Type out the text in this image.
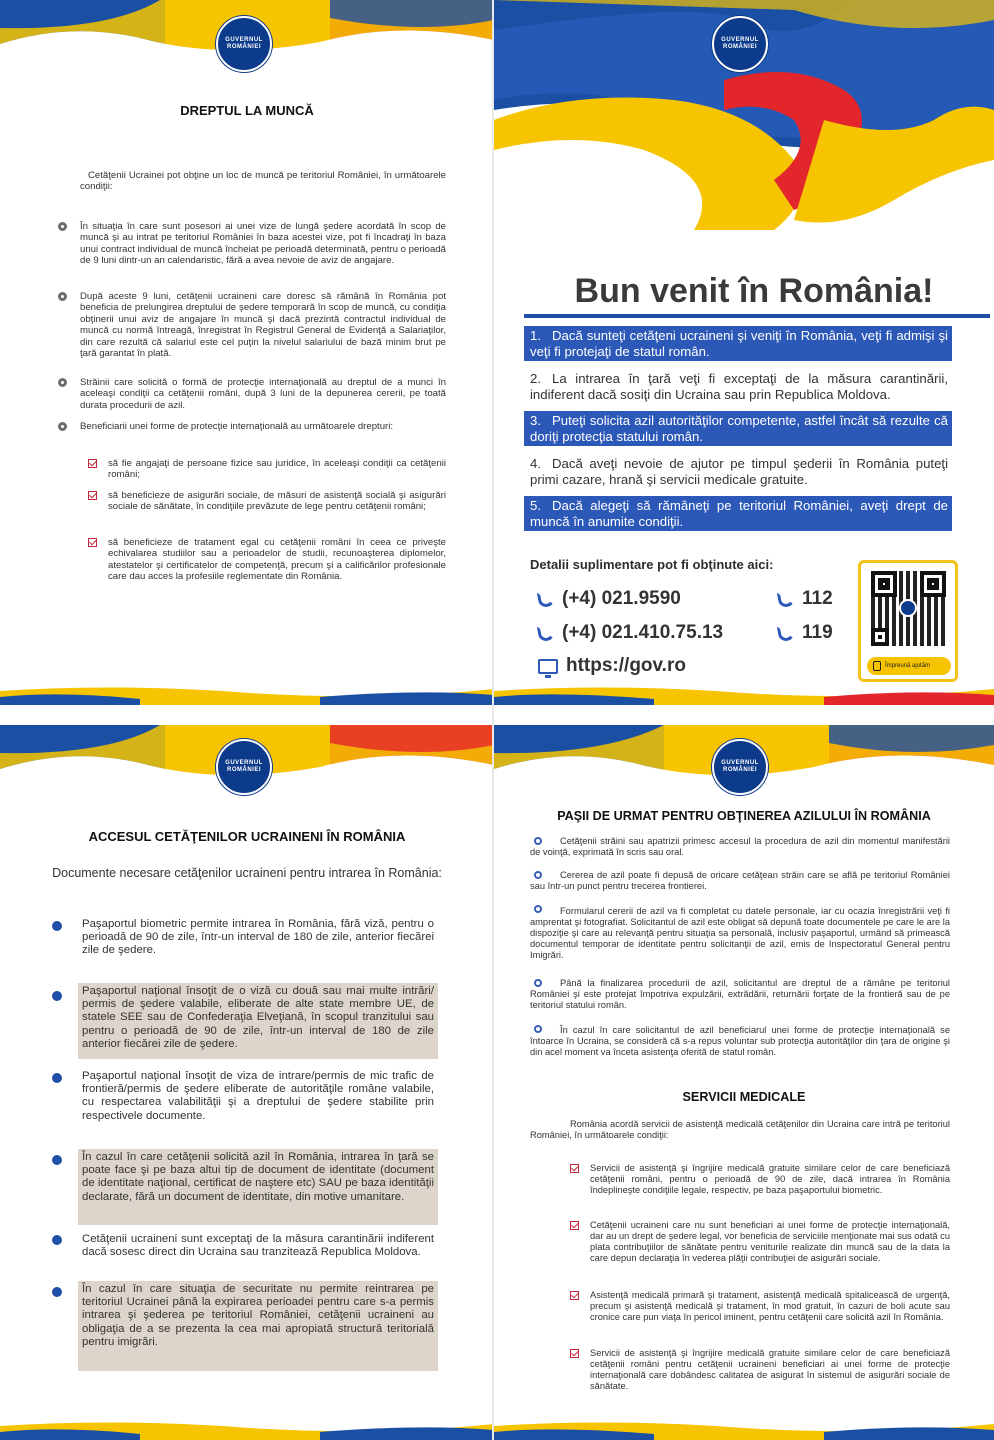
GUVERNUL ROMÂNIEI
DREPTUL LA MUNCĂ
Cetăţenii Ucrainei pot obţine un loc de muncă pe teritoriul României, în următoarele condiţii:
În situaţia în care sunt posesori ai unei vize de lungă şedere acordată în scop de muncă şi au intrat pe teritoriul României în baza acestei vize, pot fi încadraţi în baza unui contract individual de muncă încheiat pe perioadă determinată, pentru o perioadă de 9 luni dintr-un an calendaristic, fără a avea nevoie de aviz de angajare.
După aceste 9 luni, cetăţenii ucraineni care doresc să rămână în România pot beneficia de prelungirea dreptului de şedere temporară în scop de muncă, cu condiţia obţinerii unui aviz de angajare în muncă şi dacă prezintă contractul individual de muncă cu normă întreagă, înregistrat în Registrul General de Evidenţă a Salariaţilor, din care rezultă că salariul este cel puţin la nivelul salariului de bază minim brut pe ţară garantat în plată.
Străinii care solicită o formă de protecţie internaţională au dreptul de a munci în aceleaşi condiţii ca cetăţenii români, după 3 luni de la depunerea cererii, pe toată durata procedurii de azil.
Beneficiarii unei forme de protecţie internaţională au următoarele drepturi:
să fie angajaţi de persoane fizice sau juridice, în aceleaşi condiţii ca cetăţenii români;
să beneficieze de asigurări sociale, de măsuri de asistenţă socială şi asigurări sociale de sănătate, în condiţiile prevăzute de lege pentru cetăţenii români;
să beneficieze de tratament egal cu cetăţenii români în ceea ce priveşte echivalarea studiilor sau a perioadelor de studii, recunoaşterea diplomelor, atestatelor şi certificatelor de competenţă, precum şi a calificărilor profesionale care dau acces la profesiile reglementate din România.
GUVERNUL ROMÂNIEI
Bun venit în România!
1. Dacă sunteţi cetăţeni ucraineni şi veniţi în România, veţi fi admişi şi veţi fi protejaţi de statul român.
2. La intrarea în ţară veţi fi exceptaţi de la măsura carantinării, indiferent dacă sosiţi din Ucraina sau prin Republica Moldova.
3. Puteţi solicita azil autorităţilor competente, astfel încât să rezulte că doriţi protecţia statului român.
4. Dacă aveţi nevoie de ajutor pe timpul şederii în România puteţi primi cazare, hrană şi servicii medicale gratuite.
5. Dacă alegeţi să rămâneţi pe teritoriul României, aveţi drept de muncă în anumite condiţii.
Detalii suplimentare pot fi obţinute aici:
(+4) 021.9590	112
(+4) 021.410.75.13	119
https://gov.ro	Împreună ajutăm
GUVERNUL ROMÂNIEI
ACCESUL CETĂŢENILOR UCRAINENI ÎN ROMÂNIA
Documente necesare cetăţenilor ucraineni pentru intrarea în România:
Paşaportul biometric permite intrarea în România, fără viză, pentru o perioadă de 90 de zile, într-un interval de 180 de zile, anterior fiecărei zile de şedere.
Paşaportul naţional însoţit de o viză cu două sau mai multe intrări/ permis de şedere valabile, eliberate de alte state membre UE, de statele SEE sau de Confederaţia Elveţiană, în scopul tranzitului sau pentru o perioadă de 90 de zile, într-un interval de 180 de zile anterior fiecărei zile de şedere.
Paşaportul naţional însoţit de viza de intrare/permis de mic trafic de frontieră/permis de şedere eliberate de autorităţile române valabile, cu respectarea valabilităţii şi a dreptului de şedere stabilite prin respectivele documente.
În cazul în care cetăţenii solicită azil în România, intrarea în ţară se poate face şi pe baza altui tip de document de identitate (document de identitate naţional, certificat de naştere etc) SAU pe baza identităţii declarate, fără un document de identitate, din motive umanitare.
Cetăţenii ucraineni sunt exceptaţi de la măsura carantinării indiferent dacă sosesc direct din Ucraina sau tranzitează Republica Moldova.
În cazul în care situaţia de securitate nu permite reintrarea pe teritoriul Ucrainei până la expirarea perioadei pentru care s-a permis intrarea şi şederea pe teritoriul României, cetăţenii ucraineni au obligaţia de a se prezenta la cea mai apropiată structură teritorială pentru imigrări.
GUVERNUL ROMÂNIEI
PAŞII DE URMAT PENTRU OBŢINEREA AZILULUI ÎN ROMÂNIA
Cetăţenii străini sau apatrizii primesc accesul la procedura de azil din momentul manifestării de voinţă, exprimată în scris sau oral.
Cererea de azil poate fi depusă de oricare cetăţean străin care se află pe teritoriul României sau într-un punct pentru trecerea frontierei.
Formularul cererii de azil va fi completat cu datele personale, iar cu ocazia înregistrării veţi fi amprentat şi fotografiat. Solicitantul de azil este obligat să depună toate documentele pe care le are la dispoziţie şi care au relevanţă pentru situaţia sa personală, inclusiv paşaportul, urmând să primească documentul temporar de identitate pentru solicitanţii de azil, emis de Inspectoratul General pentru Imigrări.
Până la finalizarea procedurii de azil, solicitantul are dreptul de a rămâne pe teritoriul României şi este protejat împotriva expulzării, extrădării, returnării forţate de la frontieră sau de pe teritoriul statului român.
În cazul în care solicitantul de azil beneficiarul unei forme de protecţie internaţională se întoarce în Ucraina, se consideră că s-a repus voluntar sub protecţia autorităţilor din ţara de origine şi din acel moment va înceta asistenţa oferită de statul român.
SERVICII MEDICALE
România acordă servicii de asistenţă medicală cetăţenilor din Ucraina care intră pe teritoriul României, în următoarele condiţii:
Servicii de asistenţă şi îngrijire medicală gratuite similare celor de care beneficiază cetăţenii români, pentru o perioadă de 90 de zile, dacă intrarea în România îndeplineşte condiţiile legale, respectiv, pe baza paşaportului biometric.
Cetăţenii ucraineni care nu sunt beneficiari ai unei forme de protecţie internaţională, dar au un drept de şedere legal, vor beneficia de serviciile menţionate mai sus odată cu plata contribuţiilor de sănătate pentru veniturile realizate din muncă sau de la data la care depun declaraţia în vederea plăţii contribuţiei de asigurări sociale.
Asistenţă medicală primară şi tratament, asistenţă medicală spitalicească de urgenţă, precum şi asistenţă medicală şi tratament, în mod gratuit, în cazuri de boli acute sau cronice care pun viaţa în pericol iminent, pentru cetăţenii care solicită azil în România.
Servicii de asistenţă şi îngrijire medicală gratuite similare celor de care beneficiază cetăţenii români pentru cetăţenii ucraineni beneficiari ai unei forme de protecţie internaţională care dobândesc calitatea de asigurat în sistemul de asigurări sociale de sănătate.
